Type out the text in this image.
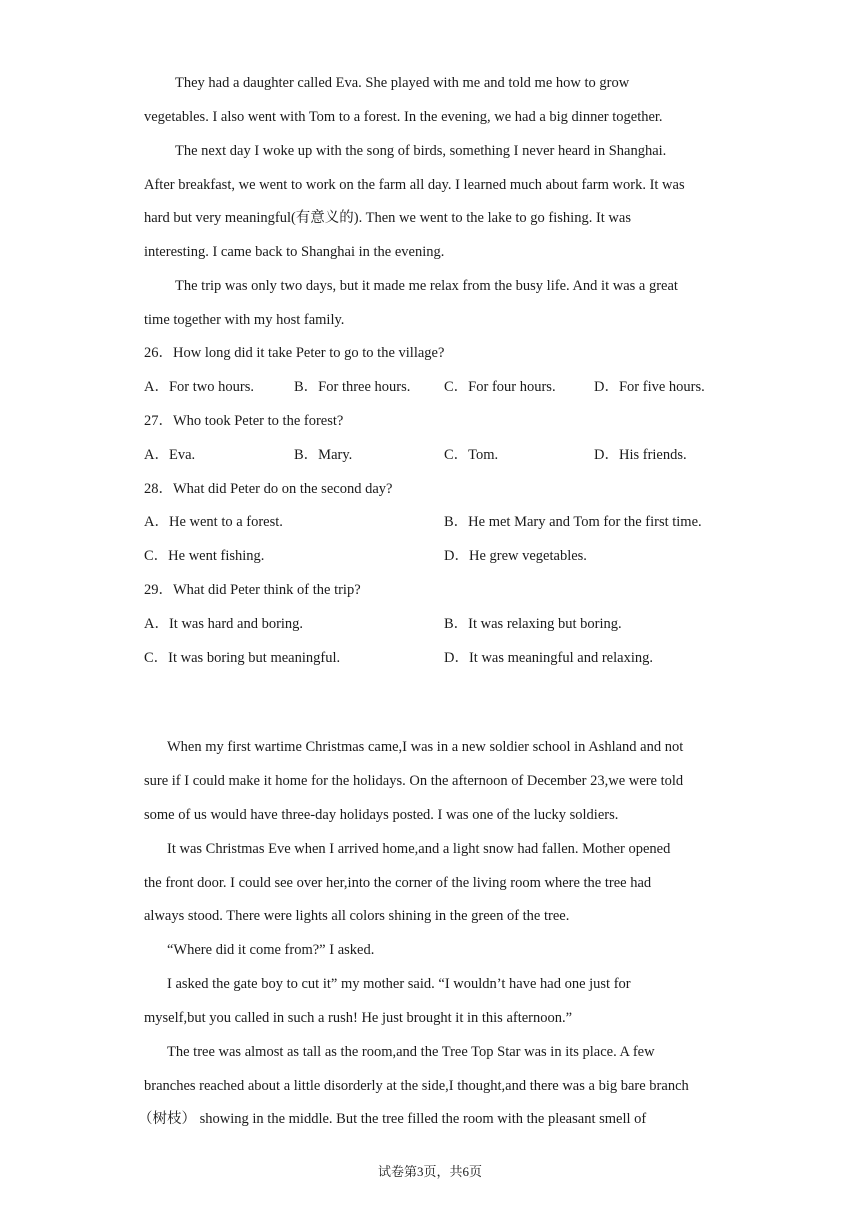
They had a daughter called Eva. She played with me and told me how to grow
vegetables. I also went with Tom to a forest. In the evening, we had a big dinner together.
The next day I woke up with the song of birds, something I never heard in Shanghai.
After breakfast, we went to work on the farm all day. I learned much about farm work. It was
hard but very meaningful(有意义的). Then we went to the lake to go fishing. It was
interesting. I came back to Shanghai in the evening.
The trip was only two days, but it made me relax from the busy life. And it was a great
time together with my host family.
26．How long did it take Peter to go to the village?
A．For two hours.	B．For three hours. C．For four hours.	D．For five hours.
27．Who took Peter to the forest?
A．Eva.	B．Mary.	C．Tom.	D．His friends.
28．What did Peter do on the second day?
A．He went to a forest.	B．He met Mary and Tom for the first time.
C．He went fishing.	D．He grew vegetables.
29．What did Peter think of the trip?
A．It was hard and boring.	B．It was relaxing but boring.
C．It was boring but meaningful.	D．It was meaningful and relaxing.
When my first wartime Christmas came,I was in a new soldier school in Ashland and not
sure if I could make it home for the holidays. On the afternoon of December 23,we were told
some of us would have three-day holidays posted. I was one of the lucky soldiers.
It was Christmas Eve when I arrived home,and a light snow had fallen. Mother opened
the front door. I could see over her,into the corner of the living room where the tree had
always stood. There were lights all colors shining in the green of the tree.
“Where did it come from?” I asked.
I asked the gate boy to cut it” my mother said. “I wouldn’t have had one just for
myself,but you called in such a rush! He just brought it in this afternoon.”
The tree was almost as tall as the room,and the Tree Top Star was in its place. A few
branches reached about a little disorderly at the side,I thought,and there was a big bare branch
（树枝） showing in the middle. But the tree filled the room with the pleasant smell of
试卷第3页，共6页
